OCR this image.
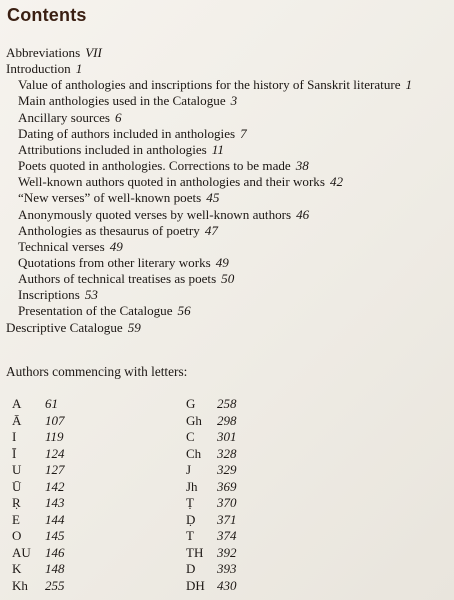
Contents
Abbreviations VII
Introduction 1
Value of anthologies and inscriptions for the history of Sanskrit literature 1
Main anthologies used in the Catalogue 3
Ancillary sources 6
Dating of authors included in anthologies 7
Attributions included in anthologies 11
Poets quoted in anthologies. Corrections to be made 38
Well-known authors quoted in anthologies and their works 42
“New verses” of well-known poets 45
Anonymously quoted verses by well-known authors 46
Anthologies as thesaurus of poetry 47
Technical verses 49
Quotations from other literary works 49
Authors of technical treatises as poets 50
Inscriptions 53
Presentation of the Catalogue 56
Descriptive Catalogue 59
Authors commencing with letters:
A 61
Ā 107
I 119
Ī 124
U 127
Ū 142
Ṛ 143
E 144
O 145
AU 146
K 148
Kh 255
G 258
Gh 298
C 301
Ch 328
J 329
Jh 369
Ṭ 370
Ḍ 371
T 374
TH 392
D 393
DH 430
